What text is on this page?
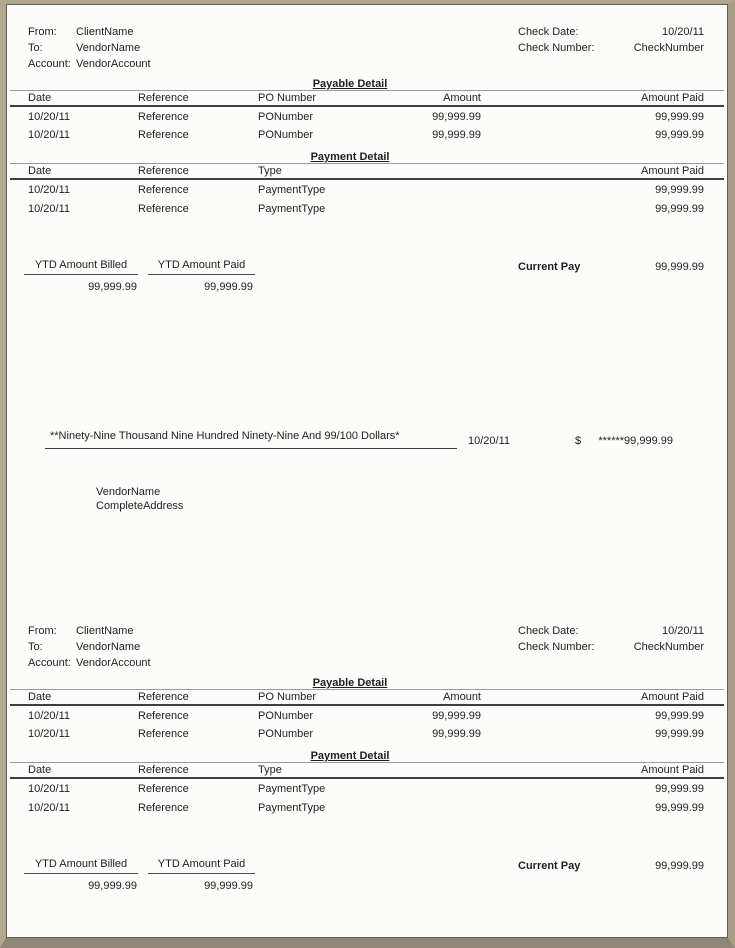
From: ClientName
To:	VendorName
Account: VendorAccount
Check Date:	10/20/11
Check Number:	CheckNumber
Payable Detail
Date	Reference	PO Number	Amount	Amount Paid
10/20/11	Reference	PONumber	99,999.99	99,999.99
10/20/11	Reference	PONumber	99,999.99	99,999.99
Payment Detail
Date	Reference	Type	Amount Paid
10/20/11	Reference	PaymentType	99,999.99
10/20/11	Reference	PaymentType	99,999.99
YTD Amount Billed	YTD Amount Paid
99,999.99	99,999.99
Current Pay	99,999.99
**Ninety-Nine Thousand Nine Hundred Ninety-Nine And 99/100 Dollars*	10/20/11	$ ******99,999.99
VendorName
CompleteAddress
From: ClientName
To:	VendorName
Account: VendorAccount
Check Date:	10/20/11
Check Number:	CheckNumber
Payable Detail
Date	Reference	PO Number	Amount	Amount Paid
10/20/11	Reference	PONumber	99,999.99	99,999.99
10/20/11	Reference	PONumber	99,999.99	99,999.99
Payment Detail
Date	Reference	Type	Amount Paid
10/20/11	Reference	PaymentType	99,999.99
10/20/11	Reference	PaymentType	99,999.99
YTD Amount Billed	YTD Amount Paid
99,999.99	99,999.99
Current Pay	99,999.99
